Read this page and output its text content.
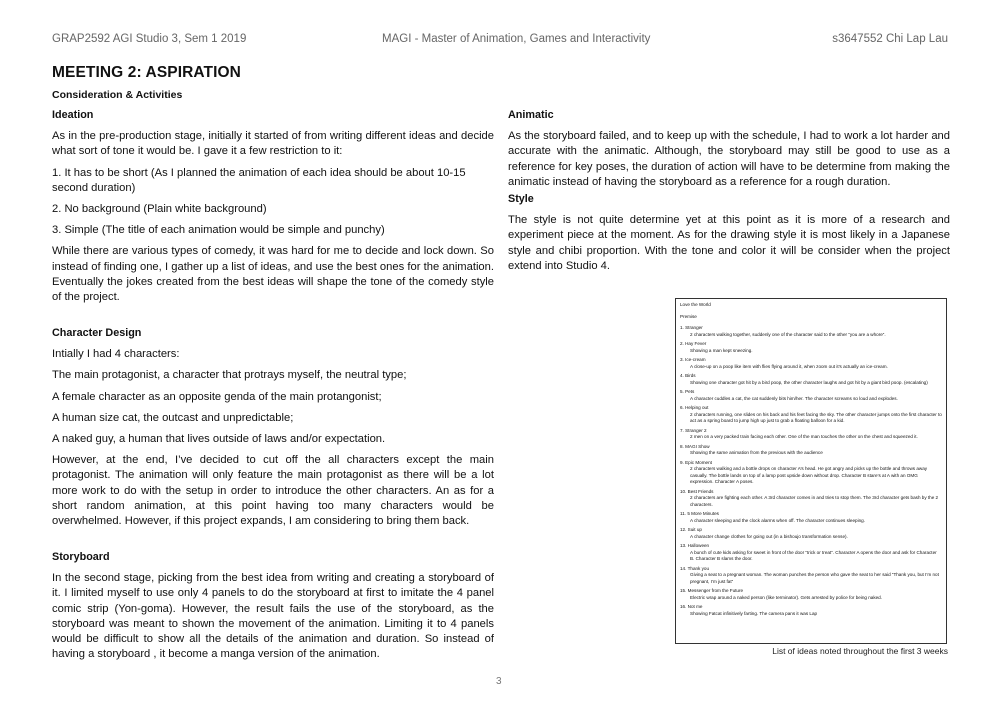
GRAP2592 AGI Studio 3, Sem 1 2019	MAGI - Master of Animation, Games and Interactivity	s3647552 Chi Lap Lau
MEETING 2: ASPIRATION
Consideration & Activities
Ideation

As in the pre-production stage, initially it started of from writing different ideas and decide what sort of tone it would be. I gave it a few restriction to it:

1. It has to be short (As I planned the animation of each idea should be about 10-15 second duration)

2. No background (Plain white background)

3. Simple (The title of each animation would be simple and punchy)

While there are various types of comedy, it was hard for me to decide and lock down. So instead of finding one, I gather up a list of ideas, and use the best ones for the animation. Eventually the jokes created from the best ideas will shape the tone of the comedy style of the project.

Character Design

Intially I had 4 characters:

The main protagonist, a character that protrays myself, the neutral type;

A female character as an opposite genda of the main protangonist;

A human size cat, the outcast and unpredictable;

A naked guy, a human that lives outside of laws and/or expectation.

However, at the end, I’ve decided to cut off the all characters except the main protagonist. The animation will only feature the main protagonist as there will be a lot more work to do with the setup in order to introduce the other characters. An as for a short random animation, at this point having too many characters would be overwhelmed. However, if this project expands, I am considering to bring them back.

Storyboard

In the second stage, picking from the best idea from writing and creating a storyboard of it. I limited myself to use only 4 panels to do the storyboard at first to imitate the 4 panel comic strip (Yon-goma). However, the result fails the use of the storyboard, as the storyboard was meant to shown the movement of the animation. Limiting it to 4 panels would be difficult to show all the details of the animation and duration. So instead of having a storyboard , it become a manga version of the animation.

Animatic

As the storyboard failed, and to keep up with the schedule, I had to work a lot harder and accurate with the animatic. Although, the storyboard may still be good to use as a reference for key poses, the duration of action will have to be determine from making the animatic instead of having the storyboard as a reference for a rough duration.

Style

The style is not quite determine yet at this point as it is more of a research and experiment piece at the moment. As for the drawing style it is most likely in a Japanese style and chibi proportion. With the tone and color it will be consider when the project extend into Studio 4.

Love the World
Premise
1. Stranger
2 characters walking together, suddenly one of the character said to the other “you are a whore”.
2. Hay Fever
Showing a man kept sneezing.
3. Ice-cream
A close-up on a poop like item with flies flying around it, when zoom out it’s actually an ice-cream.
4. Birds
Showing one character got hit by a bird poop, the other character laughs and got hit by a giant bird poop. (escalating)
5. Pets
A character cuddles a cat, the cat suddenly bits him/her. The character screams so loud and explodes.
6. Helping out
2 characters running, one slides on his back and his feet facing the sky. The other character jumps onto the first character to act as a spring board to jump high up just to grab a floating balloon for a kid.
7. Stranger 2
2 men on a very packed train facing each other. One of the man touches the other on the chest and squeezed it.
8. MAGI Show
Showing the same animation from the previous with the audience
9. Epic Moment
2 characters walking and a bottle drops on character A’s head. He got angry and picks up the bottle and throws away casually. The bottle lands on top of a lamp post upside down without drop. Character B stare’s at A with an OMG expression. Character A poses.
10. Best Friends
2 characters are fighting each other. A 3rd character comes in and tries to stop them. The 3rd character gets bash by the 2 characters.
11. 5 More Minutes
A character sleeping and the clock alarms when off. The character continues sleeping.
12. Suit up
A character change clothes for going out (in a bishoujo transformation sense).
13. Halloween
A bunch of cute kids asking for sweet in front of the door “trick or treat”. Character A opens the door and ask for Character B. Character B slams the door.
14. Thank you
Giving a seat to a pregnant woman. The woman punches the person who gave the seat to her said “Thank you, but I’m not pregnant, I’m just fat”
15. Messenger from the Future
Electric wrap around a naked person (like terminator). Gets arrested by police for being naked.
16. Not me
Showing Fatcat infinitively farting. The camera pans it was Lap
List of ideas noted throughout the first 3 weeks
3
